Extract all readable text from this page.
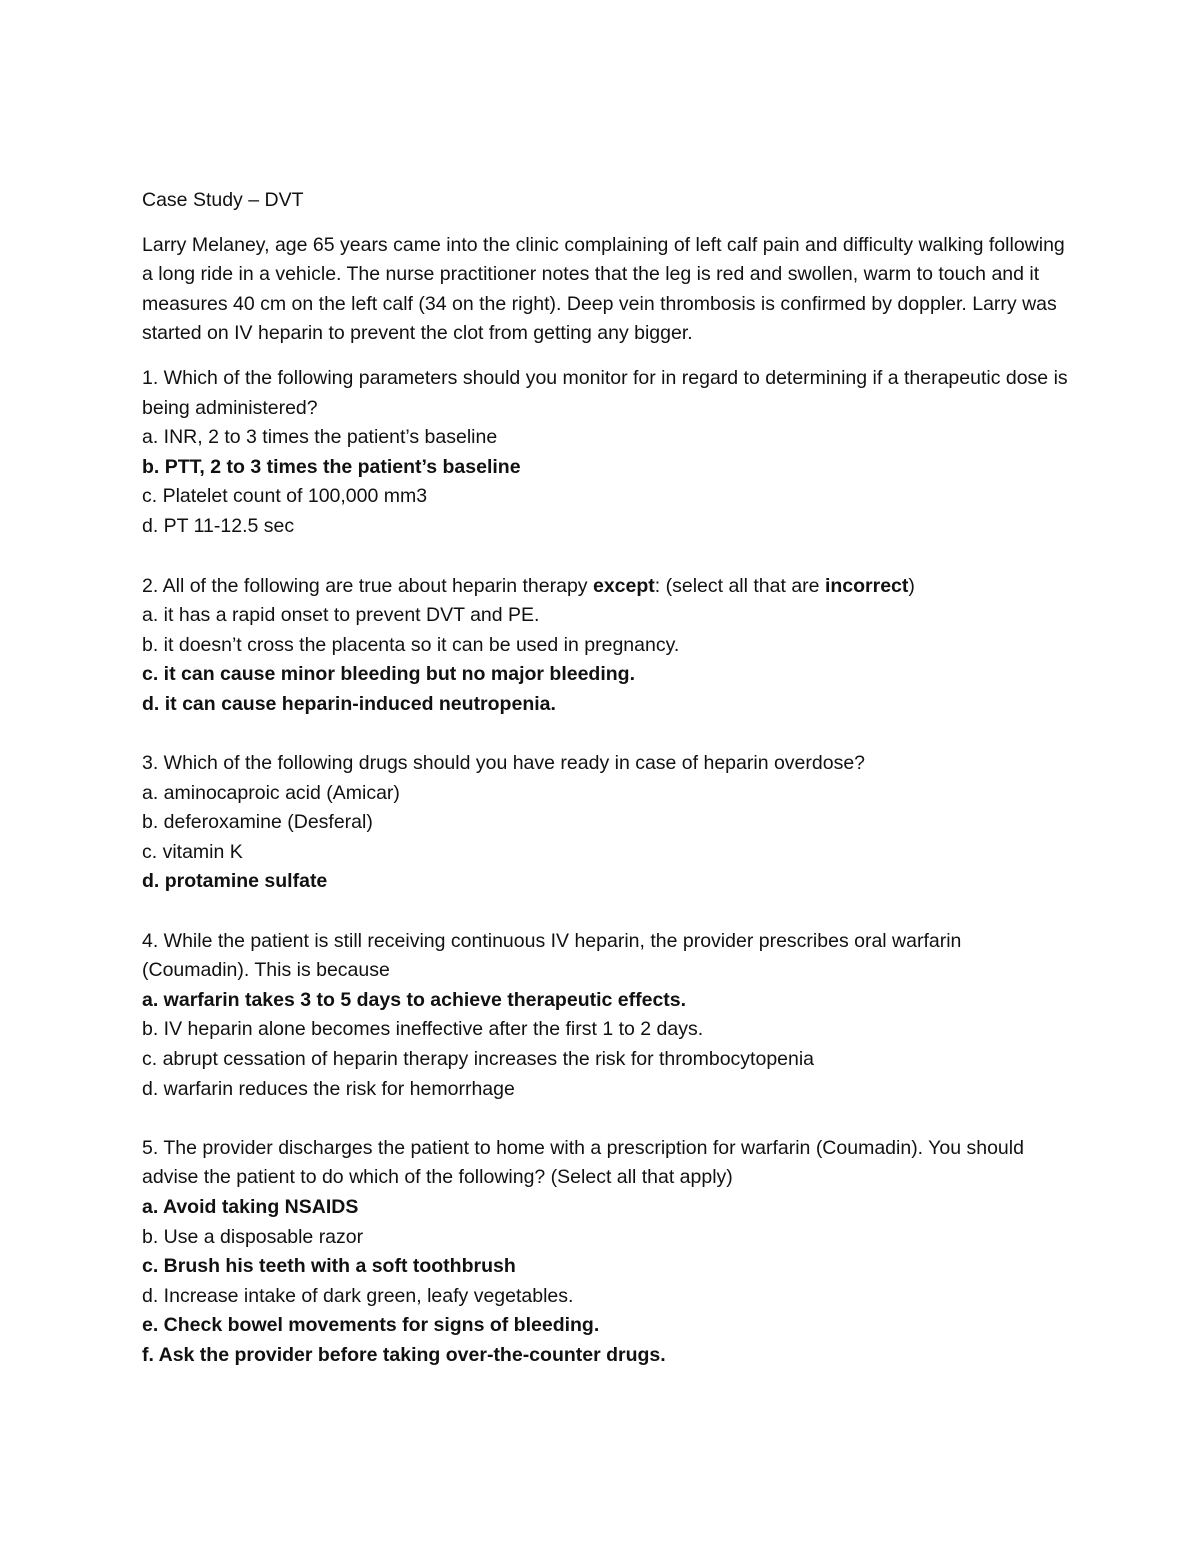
Case Study – DVT

Larry Melaney, age 65 years came into the clinic complaining of left calf pain and difficulty walking following a long ride in a vehicle. The nurse practitioner notes that the leg is red and swollen, warm to touch and it measures 40 cm on the left calf (34 on the right). Deep vein thrombosis is confirmed by doppler. Larry was started on IV heparin to prevent the clot from getting any bigger.

1. Which of the following parameters should you monitor for in regard to determining if a therapeutic dose is being administered?

a. INR, 2 to 3 times the patient’s baseline

b. PTT, 2 to 3 times the patient’s baseline

c. Platelet count of 100,000 mm3

d. PT 11-12.5 sec

2. All of the following are true about heparin therapy except: (select all that are incorrect)

a. it has a rapid onset to prevent DVT and PE.

b. it doesn’t cross the placenta so it can be used in pregnancy.

c. it can cause minor bleeding but no major bleeding.

d. it can cause heparin-induced neutropenia.

3. Which of the following drugs should you have ready in case of heparin overdose?

a. aminocaproic acid (Amicar)

b. deferoxamine (Desferal)

c. vitamin K

d. protamine sulfate

4. While the patient is still receiving continuous IV heparin, the provider prescribes oral warfarin (Coumadin). This is because

a. warfarin takes 3 to 5 days to achieve therapeutic effects.

b. IV heparin alone becomes ineffective after the first 1 to 2 days.

c. abrupt cessation of heparin therapy increases the risk for thrombocytopenia

d. warfarin reduces the risk for hemorrhage

5. The provider discharges the patient to home with a prescription for warfarin (Coumadin). You should advise the patient to do which of the following? (Select all that apply)

a. Avoid taking NSAIDS

b. Use a disposable razor

c. Brush his teeth with a soft toothbrush

d. Increase intake of dark green, leafy vegetables.

e. Check bowel movements for signs of bleeding.

f. Ask the provider before taking over-the-counter drugs.
